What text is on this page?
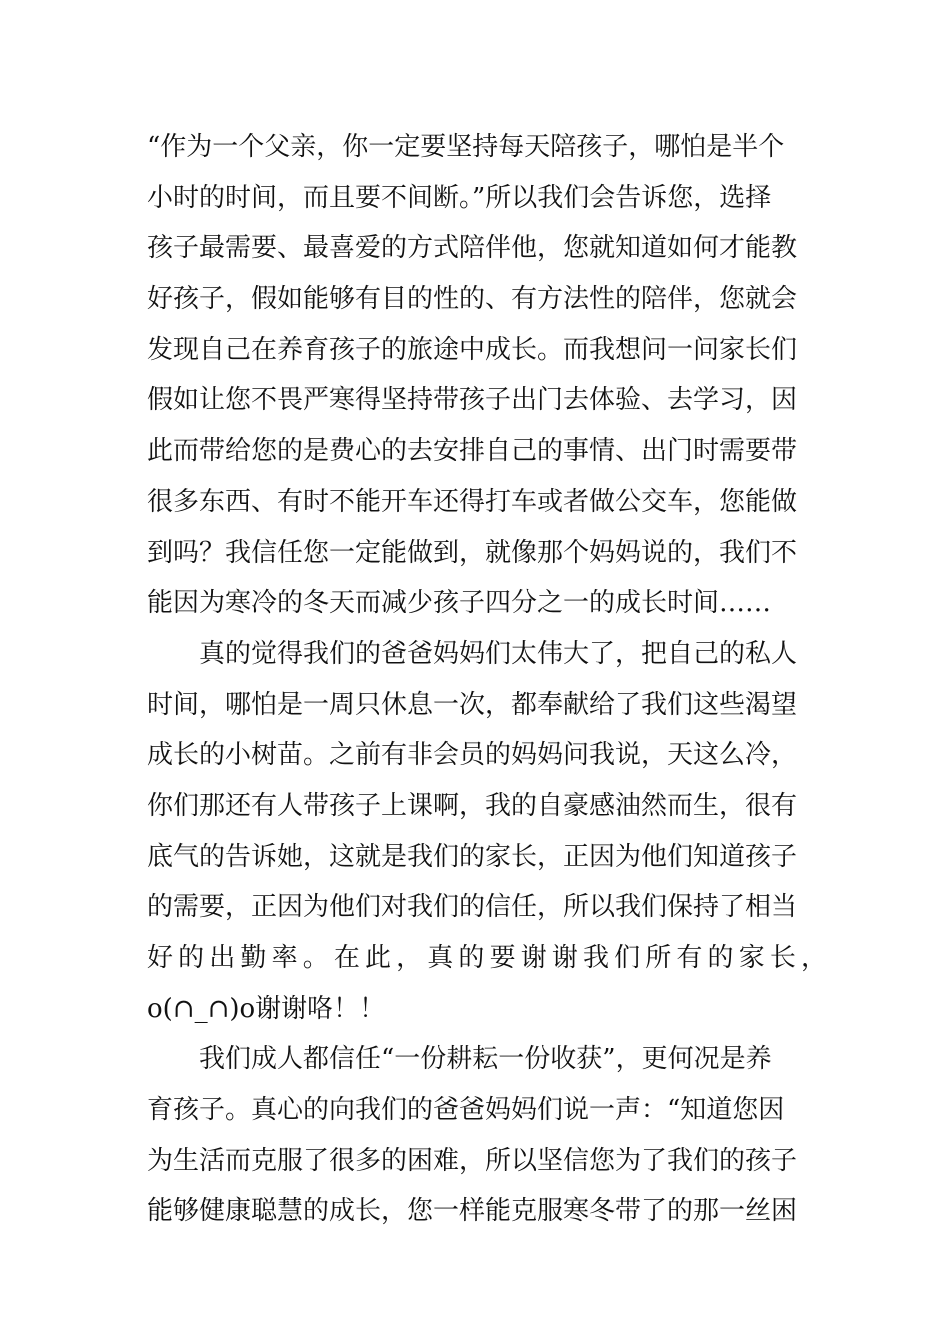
“作为一个父亲，你一定要坚持每天陪孩子，哪怕是半个
小时的时间，而且要不间断。”所以我们会告诉您，选择
孩子最需要、最喜爱的方式陪伴他，您就知道如何才能教
好孩子，假如能够有目的性的、有方法性的陪伴，您就会
发现自己在养育孩子的旅途中成长。而我想问一问家长们
假如让您不畏严寒得坚持带孩子出门去体验、去学习，因
此而带给您的是费心的去安排自己的事情、出门时需要带
很多东西、有时不能开车还得打车或者做公交车，您能做
到吗？我信任您一定能做到，就像那个妈妈说的，我们不
能因为寒冷的冬天而减少孩子四分之一的成长时间……
真的觉得我们的爸爸妈妈们太伟大了，把自己的私人
时间，哪怕是一周只休息一次，都奉献给了我们这些渴望
成长的小树苗。之前有非会员的妈妈问我说，天这么冷，
你们那还有人带孩子上课啊，我的自豪感油然而生，很有
底气的告诉她，这就是我们的家长，正因为他们知道孩子
的需要，正因为他们对我们的信任，所以我们保持了相当
好的出勤率。在此，真的要谢谢我们所有的家长，
o(∩_∩)o谢谢咯！！
我们成人都信任“一份耕耘一份收获”，更何况是养
育孩子。真心的向我们的爸爸妈妈们说一声：“知道您因
为生活而克服了很多的困难，所以坚信您为了我们的孩子
能够健康聪慧的成长，您一样能克服寒冬带了的那一丝困
